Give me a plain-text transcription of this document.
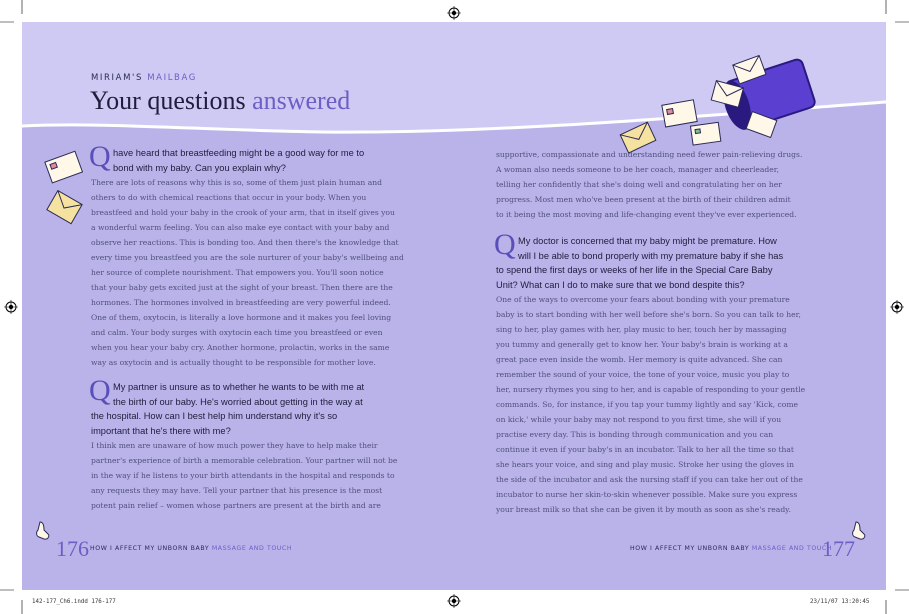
MIRIAM'S MAILBAG
Your questions answered
Q have heard that breastfeeding might be a good way for me to
bond with my baby. Can you explain why?

There are lots of reasons why this is so, some of them just plain human and

others to do with chemical reactions that occur in your body. When you

breastfeed and hold your baby in the crook of your arm, that in itself gives you

a wonderful warm feeling. You can also make eye contact with your baby and

observe her reactions. This is bonding too. And then there's the knowledge that

every time you breastfeed you are the sole nurturer of your baby's wellbeing and

her source of complete nourishment. That empowers you. You'll soon notice

that your baby gets excited just at the sight of your breast. Then there are the

hormones. The hormones involved in breastfeeding are very powerful indeed.

One of them, oxytocin, is literally a love hormone and it makes you feel loving

and calm. Your body surges with oxytocin each time you breastfeed or even

when you hear your baby cry. Another hormone, prolactin, works in the same

way as oxytocin and is actually thought to be responsible for mother love.

Q My partner is unsure as to whether he wants to be with me at
the birth of our baby. He's worried about getting in the way at
the hospital. How can I best help him understand why it's so
important that he's there with me?

I think men are unaware of how much power they have to help make their

partner's experience of birth a memorable celebration. Your partner will not be

in the way if he listens to your birth attendants in the hospital and responds to

any requests they may have. Tell your partner that his presence is the most

potent pain relief – women whose partners are present at the birth and are

supportive, compassionate and understanding need fewer pain-relieving drugs.

A woman also needs someone to be her coach, manager and cheerleader,

telling her confidently that she's doing well and congratulating her on her

progress. Most men who've been present at the birth of their children admit

to it being the most moving and life-changing event they've ever experienced.

Q My doctor is concerned that my baby might be premature. How
will I be able to bond properly with my premature baby if she has
to spend the first days or weeks of her life in the Special Care Baby
Unit? What can I do to make sure that we bond despite this?

One of the ways to overcome your fears about bonding with your premature

baby is to start bonding with her well before she's born. So you can talk to her,

sing to her, play games with her, play music to her, touch her by massaging

you tummy and generally get to know her. Your baby's brain is working at a

great pace even inside the womb. Her memory is quite advanced. She can

remember the sound of your voice, the tone of your voice, music you play to

her, nursery rhymes you sing to her, and is capable of responding to your gentle

commands. So, for instance, if you tap your tummy lightly and say 'Kick, come

on kick,' while your baby may not respond to you first time, she will if you

practise every day. This is bonding through communication and you can

continue it even if your baby's in an incubator. Talk to her all the time so that

she hears your voice, and sing and play music. Stroke her using the gloves in

the side of the incubator and ask the nursing staff if you can take her out of the

incubator to nurse her skin-to-skin whenever possible. Make sure you express

your breast milk so that she can be given it by mouth as soon as she's ready.

176 HOW I AFFECT MY UNBORN BABY MASSAGE AND TOUCH	HOW I AFFECT MY UNBORN BABY MASSAGE AND TOUCH
177
142-177_Ch6.indd 176-177	23/11/07 13:20:45
